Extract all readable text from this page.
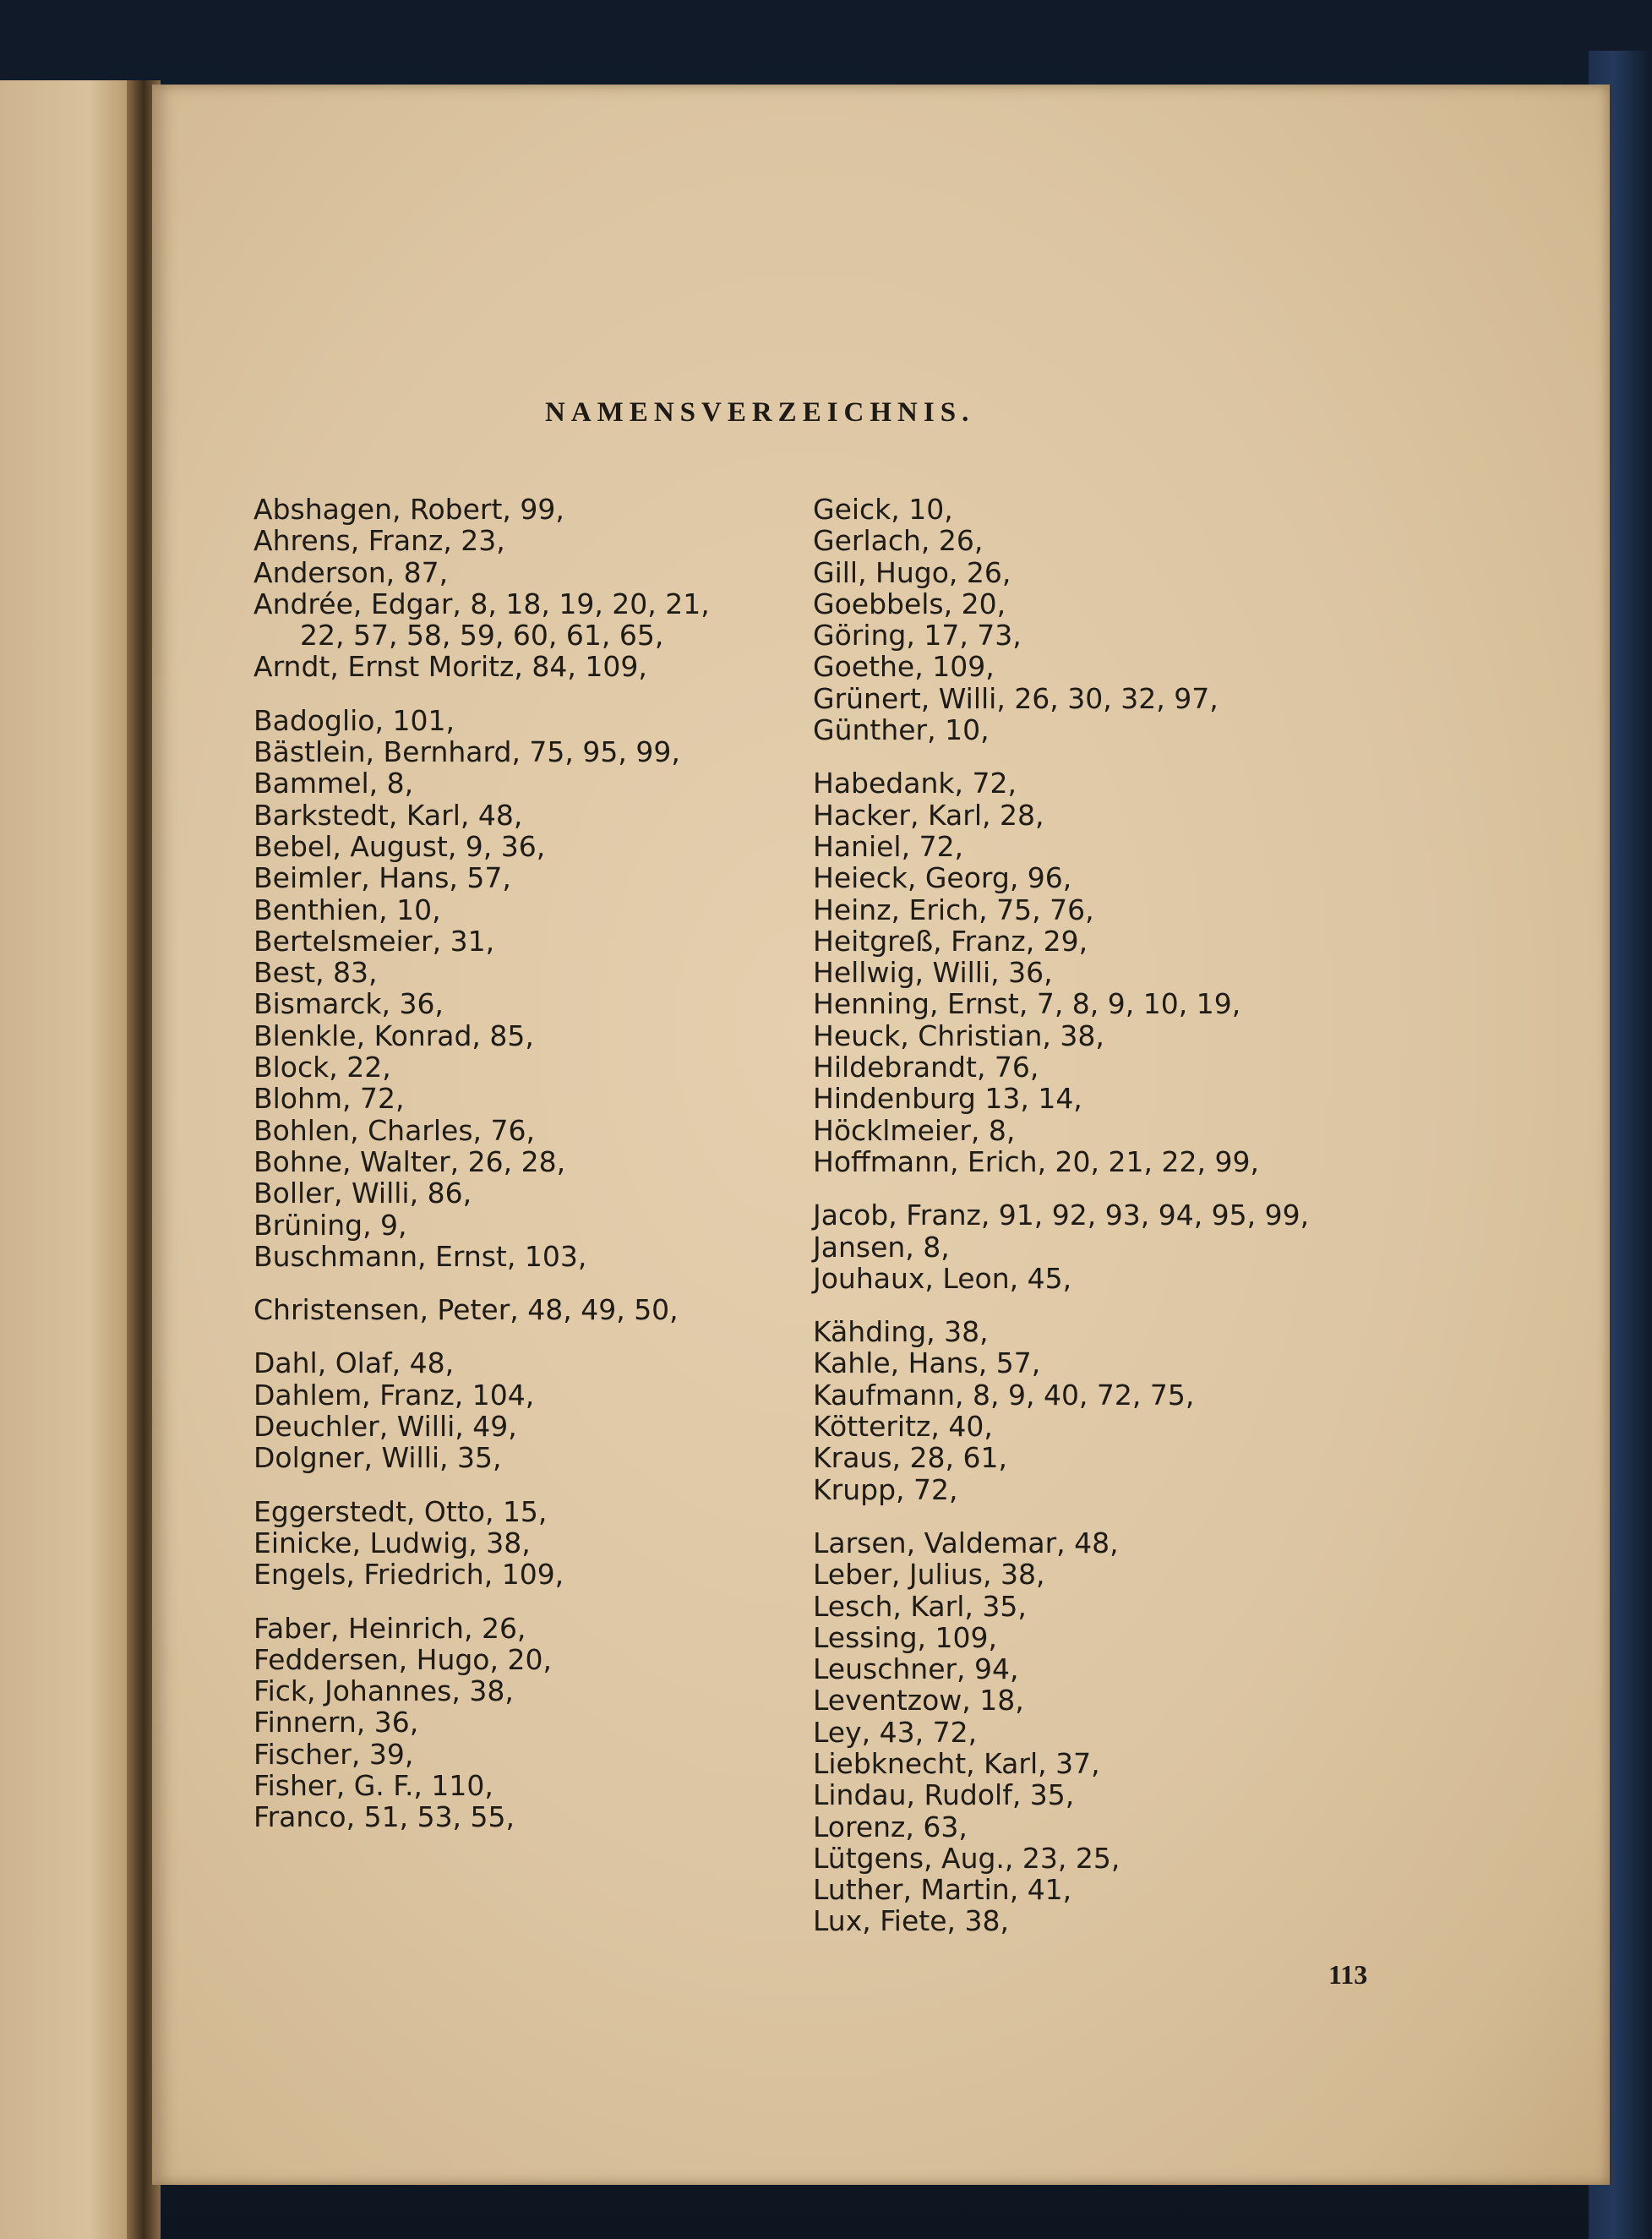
NAMENSVERZEICHNIS.
Abshagen, Robert, 99,
Ahrens, Franz, 23,
Anderson, 87,
Andrée, Edgar, 8, 18, 19, 20, 21,
22, 57, 58, 59, 60, 61, 65,
Arndt, Ernst Moritz, 84, 109,
Badoglio, 101,
Bästlein, Bernhard, 75, 95, 99,
Bammel, 8,
Barkstedt, Karl, 48,
Bebel, August, 9, 36,
Beimler, Hans, 57,
Benthien, 10,
Bertelsmeier, 31,
Best, 83,
Bismarck, 36,
Blenkle, Konrad, 85,
Block, 22,
Blohm, 72,
Bohlen, Charles, 76,
Bohne, Walter, 26, 28,
Boller, Willi, 86,
Brüning, 9,
Buschmann, Ernst, 103,
Christensen, Peter, 48, 49, 50,
Dahl, Olaf, 48,
Dahlem, Franz, 104,
Deuchler, Willi, 49,
Dolgner, Willi, 35,
Eggerstedt, Otto, 15,
Einicke, Ludwig, 38,
Engels, Friedrich, 109,
Faber, Heinrich, 26,
Feddersen, Hugo, 20,
Fick, Johannes, 38,
Finnern, 36,
Fischer, 39,
Fisher, G. F., 110,
Franco, 51, 53, 55,
Geick, 10,
Gerlach, 26,
Gill, Hugo, 26,
Goebbels, 20,
Göring, 17, 73,
Goethe, 109,
Grünert, Willi, 26, 30, 32, 97,
Günther, 10,
Habedank, 72,
Hacker, Karl, 28,
Haniel, 72,
Heieck, Georg, 96,
Heinz, Erich, 75, 76,
Heitgreß, Franz, 29,
Hellwig, Willi, 36,
Henning, Ernst, 7, 8, 9, 10, 19,
Heuck, Christian, 38,
Hildebrandt, 76,
Hindenburg 13, 14,
Höcklmeier, 8,
Hoffmann, Erich, 20, 21, 22, 99,
Jacob, Franz, 91, 92, 93, 94, 95, 99,
Jansen, 8,
Jouhaux, Leon, 45,
Kähding, 38,
Kahle, Hans, 57,
Kaufmann, 8, 9, 40, 72, 75,
Kötteritz, 40,
Kraus, 28, 61,
Krupp, 72,
Larsen, Valdemar, 48,
Leber, Julius, 38,
Lesch, Karl, 35,
Lessing, 109,
Leuschner, 94,
Leventzow, 18,
Ley, 43, 72,
Liebknecht, Karl, 37,
Lindau, Rudolf, 35,
Lorenz, 63,
Lütgens, Aug., 23, 25,
Luther, Martin, 41,
Lux, Fiete, 38,
113
